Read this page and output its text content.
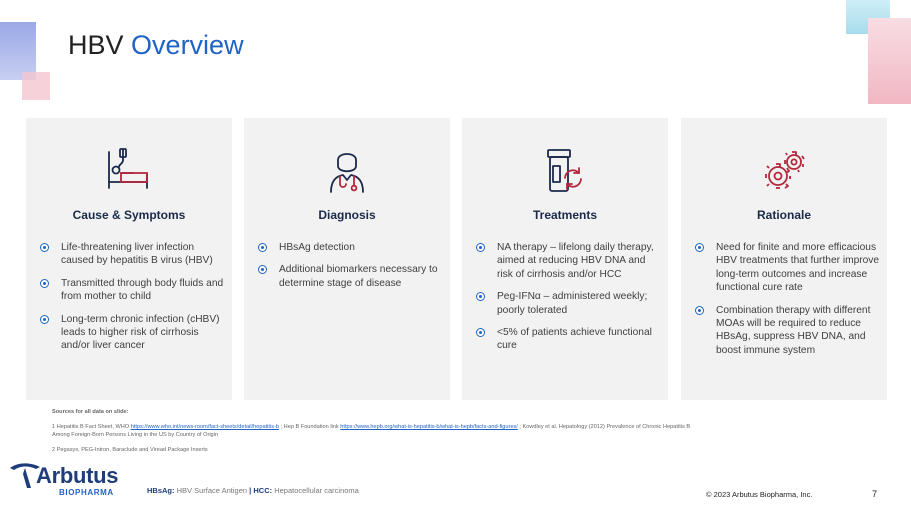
HBV Overview
Cause & Symptoms
Life-threatening liver infection caused by hepatitis B virus (HBV)
Transmitted through body fluids and from mother to child
Long-term chronic infection (cHBV) leads to higher risk of cirrhosis and/or liver cancer
Diagnosis
HBsAg detection
Additional biomarkers necessary to determine stage of disease
Treatments
NA therapy – lifelong daily therapy, aimed at reducing HBV DNA and risk of cirrhosis and/or HCC
Peg-IFNα – administered weekly; poorly tolerated
<5% of patients achieve functional cure
Rationale
Need for finite and more efficacious HBV treatments that further improve long-term outcomes and increase functional cure rate
Combination therapy with different MOAs will be required to reduce HBsAg, suppress HBV DNA, and boost immune system
Sources for all data on slide:
1 Hepatitis B Fact Sheet, WHO https://www.who.int/news-room/fact-sheets/detail/hepatitis-b ; Hep B Foundation link https://www.hepb.org/what-is-hepatitis-b/what-is-hepb/facts-and-figures/ ; Kowdley et al. Hepatology (2012) Prevalence of Chronic Hepatitis B Among Foreign-Born Persons Living in the US by Country of Origin
2 Pegasys, PEG-Intron, Baraclude and Viread Package Inserts
Arbutus
BIOPHARMA	HBsAg: HBV Surface Antigen | HCC: Hepatocellular carcinoma	© 2023 Arbutus Biopharma, Inc.	7
